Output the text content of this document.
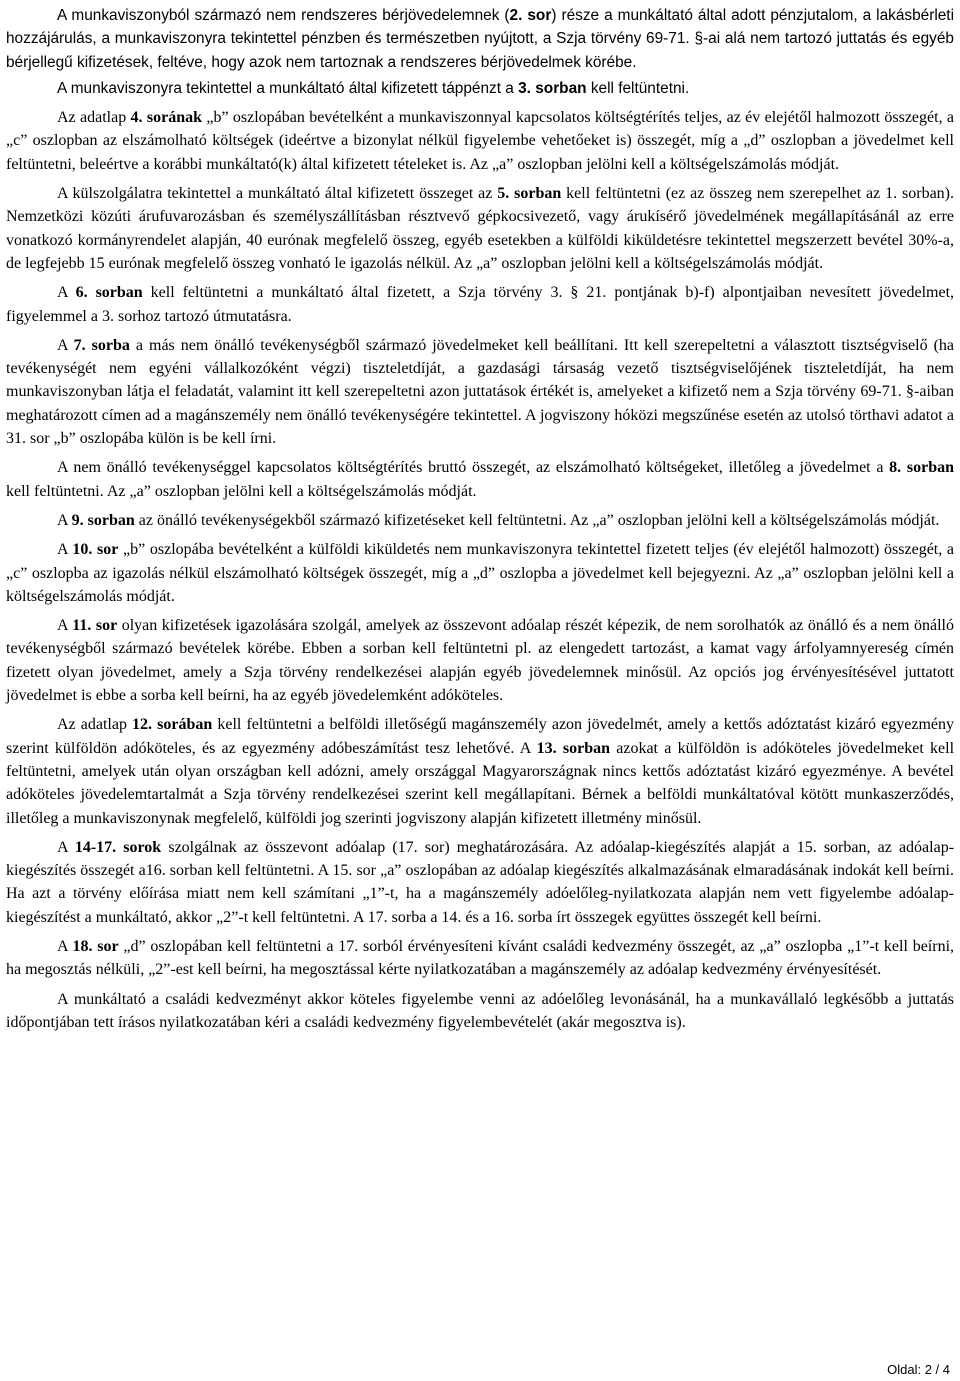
A munkaviszonyból származó nem rendszeres bérjövedelemnek (2. sor) része a munkáltató által adott pénzjutalom, a lakásbérleti hozzájárulás, a munkaviszonyra tekintettel pénzben és természetben nyújtott, a Szja törvény 69-71. §-ai alá nem tartozó juttatás és egyéb bérjellegű kifizetések, feltéve, hogy azok nem tartoznak a rendszeres bérjövedelmek körébe.

A munkaviszonyra tekintettel a munkáltató által kifizetett táppénzt a 3. sorban kell feltüntetni.

Az adatlap 4. sorának „b” oszlopában bevételként a munkaviszonnyal kapcsolatos költségtérítés teljes, az év elejétől halmozott összegét, a „c” oszlopban az elszámolható költségek (ideértve a bizonylat nélkül figyelembe vehetőeket is) összegét, míg a „d” oszlopban a jövedelmet kell feltüntetni, beleértve a korábbi munkáltató(k) által kifizetett tételeket is. Az „a” oszlopban jelölni kell a költségelszámolás módját.

A külszolgálatra tekintettel a munkáltató által kifizetett összeget az 5. sorban kell feltüntetni (ez az összeg nem szerepelhet az 1. sorban). Nemzetközi közúti árufuvarozásban és személyszállításban résztvevő gépkocsivezető, vagy árukísérő jövedelmének megállapításánál az erre vonatkozó kormányrendelet alapján, 40 eurónak megfelelő összeg, egyéb esetekben a külföldi kiküldetésre tekintettel megszerzett bevétel 30%-a, de legfejebb 15 eurónak megfelelő összeg vonható le igazolás nélkül. Az „a” oszlopban jelölni kell a költségelszámolás módját.

A 6. sorban kell feltüntetni a munkáltató által fizetett, a Szja törvény 3. § 21. pontjának b)-f) alpontjaiban nevesített jövedelmet, figyelemmel a 3. sorhoz tartozó útmutatásra.

A 7. sorba a más nem önálló tevékenységből származó jövedelmeket kell beállítani. Itt kell szerepeltetni a választott tisztségviselő (ha tevékenységét nem egyéni vállalkozóként végzi) tiszteletdíját, a gazdasági társaság vezető tisztségviselőjének tiszteletdíját, ha nem munkaviszonyban látja el feladatát, valamint itt kell szerepeltetni azon juttatások értékét is, amelyeket a kifizető nem a Szja törvény 69-71. §-aiban meghatározott címen ad a magánszemély nem önálló tevékenységére tekintettel. A jogviszony hóközi megszűnése esetén az utolsó törthavi adatot a 31. sor „b” oszlopába külön is be kell írni.

A nem önálló tevékenységgel kapcsolatos költségtérítés bruttó összegét, az elszámolható költségeket, illetőleg a jövedelmet a 8. sorban kell feltüntetni. Az „a” oszlopban jelölni kell a költségelszámolás módját.

A 9. sorban az önálló tevékenységekből származó kifizetéseket kell feltüntetni. Az „a” oszlopban jelölni kell a költségelszámolás módját.

A 10. sor „b” oszlopába bevételként a külföldi kiküldetés nem munkaviszonyra tekintettel fizetett teljes (év elejétől halmozott) összegét, a „c” oszlopba az igazolás nélkül elszámolható költségek összegét, míg a „d” oszlopba a jövedelmet kell bejegyezni. Az „a” oszlopban jelölni kell a költségelszámolás módját.

A 11. sor olyan kifizetések igazolására szolgál, amelyek az összevont adóalap részét képezik, de nem sorolhatók az önálló és a nem önálló tevékenységből származó bevételek körébe. Ebben a sorban kell feltüntetni pl. az elengedett tartozást, a kamat vagy árfolyamnyereség címén fizetett olyan jövedelmet, amely a Szja törvény rendelkezései alapján egyéb jövedelemnek minősül. Az opciós jog érvényesítésével juttatott jövedelmet is ebbe a sorba kell beírni, ha az egyéb jövedelemként adóköteles.

Az adatlap 12. sorában kell feltüntetni a belföldi illetőségű magánszemély azon jövedelmét, amely a kettős adóztatást kizáró egyezmény szerint külföldön adóköteles, és az egyezmény adóbeszámítást tesz lehetővé. A 13. sorban azokat a külföldön is adóköteles jövedelmeket kell feltüntetni, amelyek után olyan országban kell adózni, amely országgal Magyarországnak nincs kettős adóztatást kizáró egyezménye. A bevétel adóköteles jövedelemtartalmát a Szja törvény rendelkezései szerint kell megállapítani. Bérnek a belföldi munkáltatóval kötött munkaszerződés, illetőleg a munkaviszonynak megfelelő, külföldi jog szerinti jogviszony alapján kifizetett illetmény minősül.

A 14-17. sorok szolgálnak az összevont adóalap (17. sor) meghatározására. Az adóalap-kiegészítés alapját a 15. sorban, az adóalap-kiegészítés összegét a16. sorban kell feltüntetni. A 15. sor „a” oszlopában az adóalap kiegészítés alkalmazásának elmaradásának indokát kell beírni. Ha azt a törvény előírása miatt nem kell számítani „1”-t, ha a magánszemély adóelőleg-nyilatkozata alapján nem vett figyelembe adóalap-kiegészítést a munkáltató, akkor „2”-t kell feltüntetni. A 17. sorba a 14. és a 16. sorba írt összegek együttes összegét kell beírni.

A 18. sor „d” oszlopában kell feltüntetni a 17. sorból érvényesíteni kívánt családi kedvezmény összegét, az „a” oszlopba „1”-t kell beírni, ha megosztás nélküli, „2”-est kell beírni, ha megosztással kérte nyilatkozatában a magánszemély az adóalap kedvezmény érvényesítését.

A munkáltató a családi kedvezményt akkor köteles figyelembe venni az adóelőleg levonásánál, ha a munkavállaló legkésőbb a juttatás időpontjában tett írásos nyilatkozatában kéri a családi kedvezmény figyelembevételét (akár megosztva is).

Oldal: 2 / 4
